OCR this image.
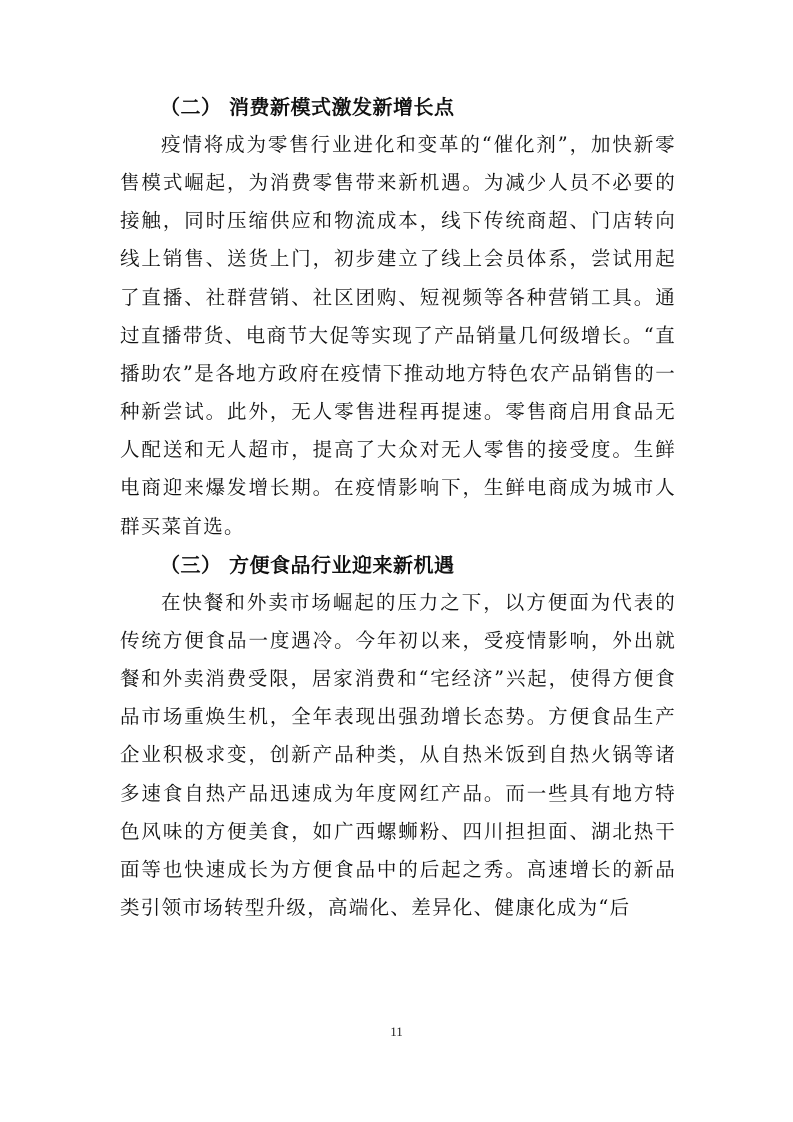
（二） 消费新模式激发新增长点

疫情将成为零售行业进化和变革的“催化剂”，加快新零售模式崛起，为消费零售带来新机遇。为减少人员不必要的接触，同时压缩供应和物流成本，线下传统商超、门店转向线上销售、送货上门，初步建立了线上会员体系，尝试用起了直播、社群营销、社区团购、短视频等各种营销工具。通过直播带货、电商节大促等实现了产品销量几何级增长。“直播助农”是各地方政府在疫情下推动地方特色农产品销售的一种新尝试。此外，无人零售进程再提速。零售商启用食品无人配送和无人超市，提高了大众对无人零售的接受度。生鲜电商迎来爆发增长期。在疫情影响下，生鲜电商成为城市人群买菜首选。

（三） 方便食品行业迎来新机遇

在快餐和外卖市场崛起的压力之下，以方便面为代表的传统方便食品一度遇冷。今年初以来，受疫情影响，外出就餐和外卖消费受限，居家消费和“宅经济”兴起，使得方便食品市场重焕生机，全年表现出强劲增长态势。方便食品生产企业积极求变，创新产品种类，从自热米饭到自热火锅等诸多速食自热产品迅速成为年度网红产品。而一些具有地方特色风味的方便美食，如广西螺蛳粉、四川担担面、湖北热干面等也快速成长为方便食品中的后起之秀。高速增长的新品类引领市场转型升级，高端化、差异化、健康化成为“后

11
